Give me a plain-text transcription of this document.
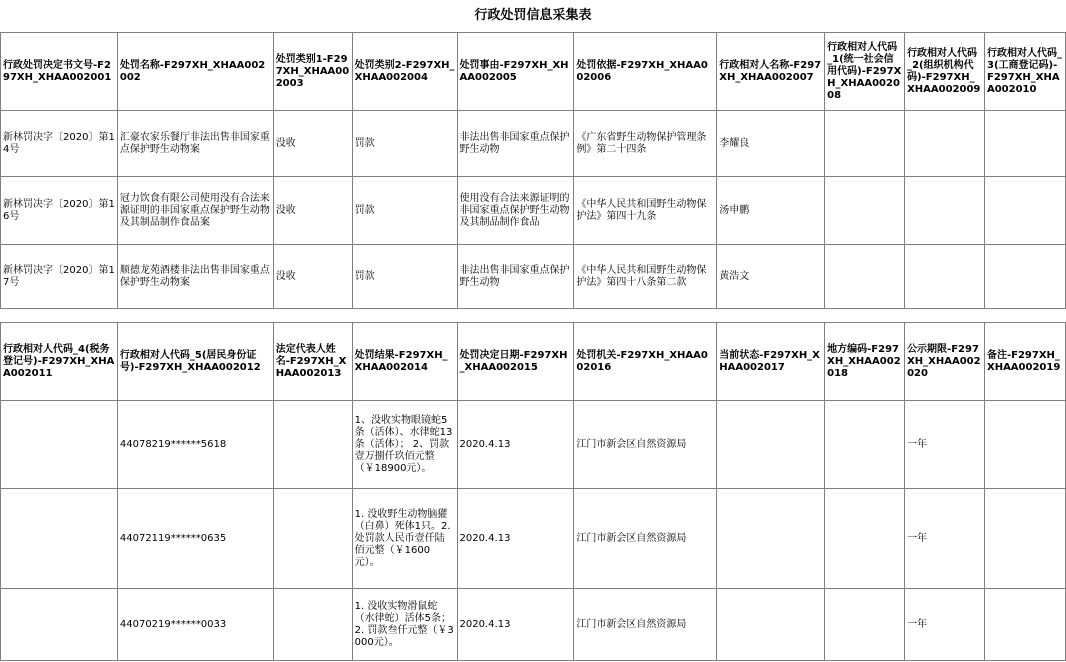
行政处罚信息采集表
行政处罚决定书文号-F297XH_XHAA002001	处罚名称-F297XH_XHAA002002	处罚类别1-F297XH_XHAA002003	处罚类别2-F297XH_XHAA002004	处罚事由-F297XH_XHAA002005	处罚依据-F297XH_XHAA002006	行政相对人名称-F297XH_XHAA002007	行政相对人代码_1(统一社会信用代码)-F297XH_XHAA002008	行政相对人代码_2(组织机构代码)-F297XH_XHAA002009	行政相对人代码_3(工商登记码)-F297XH_XHAA002010
新林罚决字〔2020〕第14号	汇豪农家乐餐厅非法出售非国家重点保护野生动物案	没收	罚款	非法出售非国家重点保护野生动物	《广东省野生动物保护管理条例》第二十四条	李耀良			
新林罚决字〔2020〕第16号	冠力饮食有限公司使用没有合法来源证明的非国家重点保护野生动物及其制品制作食品案	没收	罚款	使用没有合法来源证明的非国家重点保护野生动物及其制品制作食品	《中华人民共和国野生动物保护法》第四十九条	汤申鹏			
新林罚决字〔2020〕第17号	顺德龙苑酒楼非法出售非国家重点保护野生动物案	没收	罚款	非法出售非国家重点保护野生动物	《中华人民共和国野生动物保护法》第四十八条第二款	黄浩文			
行政相对人代码_4(税务登记号)-F297XH_XHAA002011	行政相对人代码_5(居民身份证号)-F297XH_XHAA002012	法定代表人姓名-F297XH_XHAA002013	处罚结果-F297XH_XHAA002014	处罚决定日期-F297XH_XHAA002015	处罚机关-F297XH_XHAA002016	当前状态-F297XH_XHAA002017	地方编码-F297XH_XHAA002018	公示期限-F297XH_XHAA002020	备注-F297XH_XHAA002019
	44078219******5618		1、没收实物眼镜蛇5条（活体）、水律蛇13条（活体）； 2、罚款壹万捌仟玖佰元整（￥18900元）。	2020.4.13	江门市新会区自然资源局			一年	
	44072119******0635		1. 没收野生动物脑獾（白鼻）死体1只。2. 处罚款人民币壹仟陆佰元整（￥1600元）。	2020.4.13	江门市新会区自然资源局			一年	
	44070219******0033		1. 没收实物滑鼠蛇（水律蛇）活体5条；2. 罚款叁仟元整（￥3000元）。	2020.4.13	江门市新会区自然资源局			一年	
